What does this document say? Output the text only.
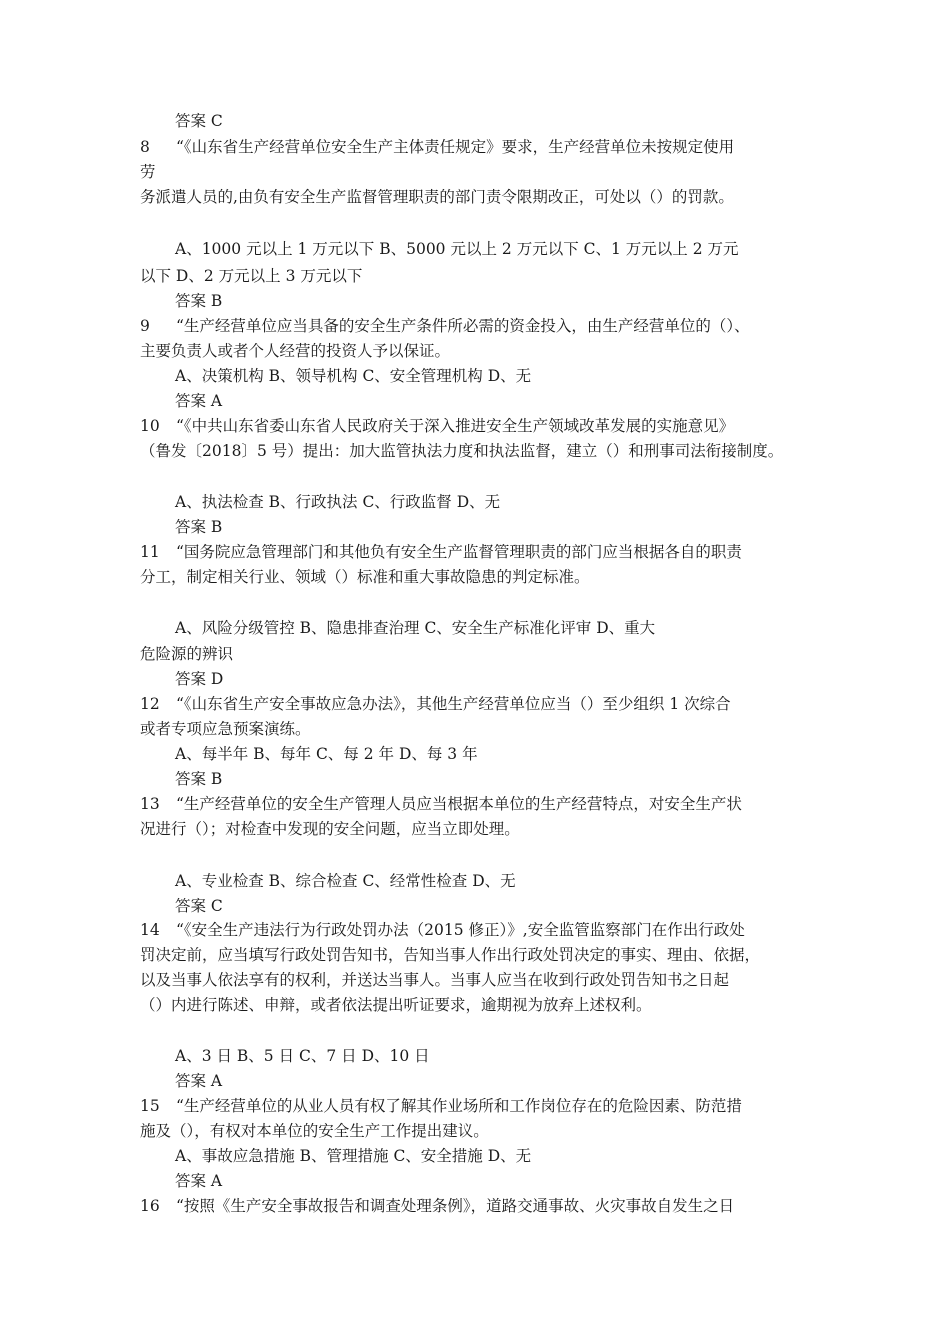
答案 C
8 “《山东省生产经营单位安全生产主体责任规定》要求，生产经营单位未按规定使用
劳
务派遣人员的,由负有安全生产监督管理职责的部门责令限期改正，可处以（）的罚款。
A、1000 元以上 1 万元以下 B、5000 元以上 2 万元以下 C、1 万元以上 2 万元
以下 D、2 万元以上 3 万元以下
答案 B
9 “生产经营单位应当具备的安全生产条件所必需的资金投入，由生产经营单位的（）、
主要负责人或者个人经营的投资人予以保证。
A、决策机构 B、领导机构 C、安全管理机构 D、无
答案 A
10 “《中共山东省委山东省人民政府关于深入推进安全生产领域改革发展的实施意见》
（鲁发〔2018〕5 号）提出：加大监管执法力度和执法监督，建立（）和刑事司法衔接制度。
A、执法检查 B、行政执法 C、行政监督 D、无
答案 B
11 “国务院应急管理部门和其他负有安全生产监督管理职责的部门应当根据各自的职责
分工，制定相关行业、领域（）标准和重大事故隐患的判定标准。
A、风险分级管控 B、隐患排查治理 C、安全生产标准化评审 D、重大
危险源的辨识
答案 D
12 “《山东省生产安全事故应急办法》，其他生产经营单位应当（）至少组织 1 次综合
或者专项应急预案演练。
A、每半年 B、每年 C、每 2 年 D、每 3 年
答案 B
13 “生产经营单位的安全生产管理人员应当根据本单位的生产经营特点，对安全生产状
况进行（）；对检查中发现的安全问题，应当立即处理。
A、专业检查 B、综合检查 C、经常性检查 D、无
答案 C
14 “《安全生产违法行为行政处罚办法（2015 修正）》,安全监管监察部门在作出行政处
罚决定前，应当填写行政处罚告知书，告知当事人作出行政处罚决定的事实、理由、依据，
以及当事人依法享有的权利，并送达当事人。当事人应当在收到行政处罚告知书之日起
（）内进行陈述、申辩，或者依法提出听证要求，逾期视为放弃上述权利。
A、3 日 B、5 日 C、7 日 D、10 日
答案 A
15 “生产经营单位的从业人员有权了解其作业场所和工作岗位存在的危险因素、防范措
施及（），有权对本单位的安全生产工作提出建议。
A、事故应急措施 B、管理措施 C、安全措施 D、无
答案 A
16 “按照《生产安全事故报告和调查处理条例》，道路交通事故、火灾事故自发生之日
